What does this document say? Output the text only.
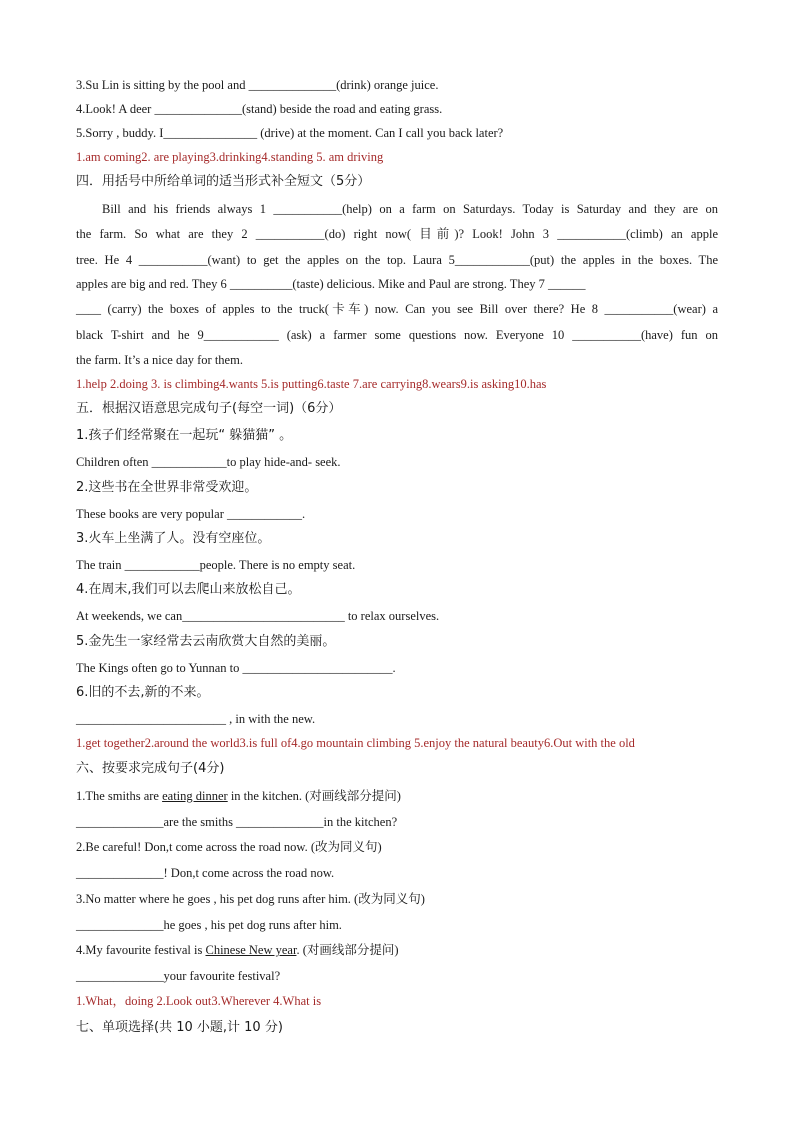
3.Su Lin is sitting by the pool and ______________(drink) orange juice.
4.Look! A deer ______________(stand) beside the road and eating grass.
5.Sorry , buddy. I_______________ (drive) at the moment. Can I call you back later?
1.am coming2. are playing3.drinking4.standing 5. am driving
四．用括号中所给单词的适当形式补全短文（5分）
Bill and his friends always 1 ___________(help) on a farm on Saturdays. Today is Saturday and they are on
the farm. So what are they 2 ___________(do) right now( 目前)? Look! John 3 ___________(climb) an apple
tree. He 4 ___________(want) to get the apples on the top. Laura 5____________(put) the apples in the boxes. The
apples are big and red. They 6 __________(taste) delicious. Mike and Paul are strong. They 7 ______
____ (carry) the boxes of apples to the truck(卡车) now. Can you see Bill over there? He 8 ___________(wear) a
black T-shirt and he 9____________ (ask) a farmer some questions now. Everyone 10 ___________(have) fun on
the farm. It’s a nice day for them.
1.help 2.doing 3. is climbing4.wants 5.is putting6.taste 7.are carrying8.wears9.is asking10.has
五．根据汉语意思完成句子(每空一词)（6分）
1.孩子们经常聚在一起玩“ 躲猫猫” 。
Children often ____________to play hide-and- seek.
2.这些书在全世界非常受欢迎。
These books are very popular ____________.
3.火车上坐满了人。没有空座位。
The train ____________people. There is no empty seat.
4.在周末,我们可以去爬山来放松自己。
At weekends, we can__________________________ to relax ourselves.
5.金先生一家经常去云南欣赏大自然的美丽。
The Kings often go to Yunnan to ________________________.
6.旧的不去,新的不来。
________________________ , in with the new.
1.get together2.around the world3.is full of4.go mountain climbing 5.enjoy the natural beauty6.Out with the old
六、按要求完成句子(4分)
1.The smiths are eating dinner in the kitchen. (对画线部分提问)
______________are the smiths ______________in the kitchen?
2.Be careful! Don,t come across the road now. (改为同义句)
______________! Don,t come across the road now.
3.No matter where he goes , his pet dog runs after him. (改为同义句)
______________he goes , his pet dog runs after him.
4.My favourite festival is Chinese New year. (对画线部分提问)
______________your favourite festival?
1.What，doing 2.Look out3.Wherever 4.What is
七、单项选择(共 10 小题,计 10 分)
